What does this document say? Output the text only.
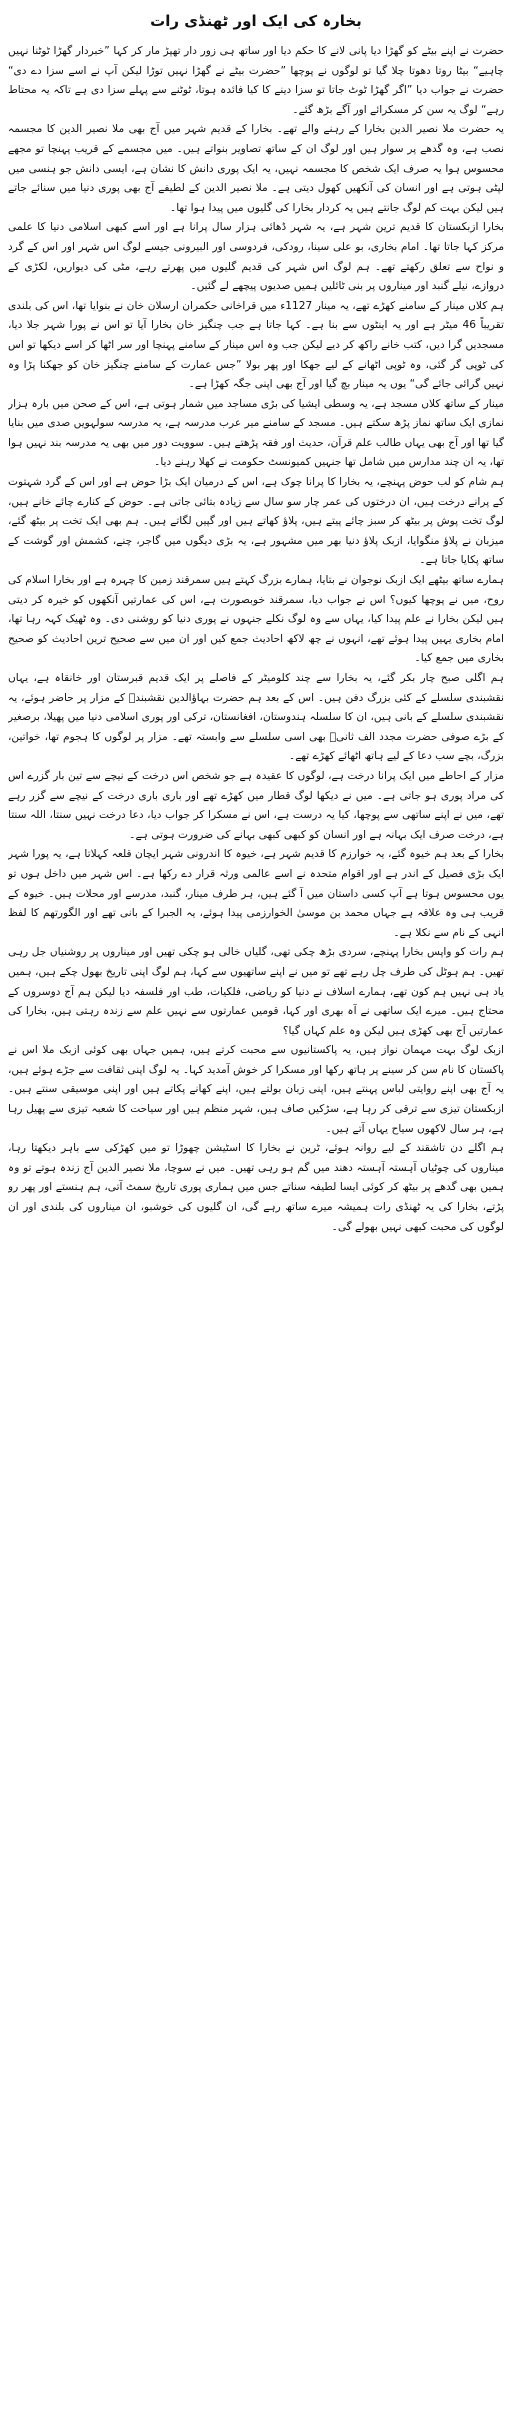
بخارہ کی ایک اور ٹھنڈی رات

حضرت نے اپنے بیٹے کو گھڑا دیا پانی لانے کا حکم دیا اور ساتھ ہی زور دار تھپڑ مار کر کہا ”خبردار گھڑا ٹوٹنا نہیں چاہیے“ بیٹا روتا دھوتا چلا گیا تو لوگوں نے پوچھا ”حضرت بیٹے نے گھڑا نہیں توڑا لیکن آپ نے اسے سزا دے دی“ حضرت نے جواب دیا ”اگر گھڑا ٹوٹ جاتا تو سزا دینے کا کیا فائدہ ہوتا، ٹوٹنے سے پہلے سزا دی ہے تاکہ یہ محتاط رہے“ لوگ یہ سن کر مسکرائے اور آگے بڑھ گئے۔

یہ حضرت ملا نصیر الدین بخارا کے رہنے والے تھے۔ بخارا کے قدیم شہر میں آج بھی ملا نصیر الدین کا مجسمہ نصب ہے، وہ گدھے پر سوار ہیں اور لوگ ان کے ساتھ تصاویر بنواتے ہیں۔ میں مجسمے کے قریب پہنچا تو مجھے محسوس ہوا یہ صرف ایک شخص کا مجسمہ نہیں، یہ ایک پوری دانش کا نشان ہے، ایسی دانش جو ہنسی میں لپٹی ہوتی ہے اور انسان کی آنکھیں کھول دیتی ہے۔ ملا نصیر الدین کے لطیفے آج بھی پوری دنیا میں سنائے جاتے ہیں لیکن بہت کم لوگ جانتے ہیں یہ کردار بخارا کی گلیوں میں پیدا ہوا تھا۔

بخارا ازبکستان کا قدیم ترین شہر ہے، یہ شہر ڈھائی ہزار سال پرانا ہے اور اسے کبھی اسلامی دنیا کا علمی مرکز کہا جاتا تھا۔ امام بخاری، بو علی سینا، رودکی، فردوسی اور البیرونی جیسے لوگ اس شہر اور اس کے گرد و نواح سے تعلق رکھتے تھے۔ ہم لوگ اس شہر کی قدیم گلیوں میں پھرتے رہے، مٹی کی دیواریں، لکڑی کے دروازے، نیلے گنبد اور میناروں پر بنی ٹائلیں ہمیں صدیوں پیچھے لے گئیں۔

ہم کلاں مینار کے سامنے کھڑے تھے، یہ مینار 1127ء میں قراخانی حکمران ارسلان خان نے بنوایا تھا، اس کی بلندی تقریباً 46 میٹر ہے اور یہ اینٹوں سے بنا ہے۔ کہا جاتا ہے جب چنگیز خان بخارا آیا تو اس نے پورا شہر جلا دیا، مسجدیں گرا دیں، کتب خانے راکھ کر دیے لیکن جب وہ اس مینار کے سامنے پہنچا اور سر اٹھا کر اسے دیکھا تو اس کی ٹوپی گر گئی، وہ ٹوپی اٹھانے کے لیے جھکا اور پھر بولا ”جس عمارت کے سامنے چنگیز خان کو جھکنا پڑا وہ نہیں گرائی جائے گی“ یوں یہ مینار بچ گیا اور آج بھی اپنی جگہ کھڑا ہے۔

مینار کے ساتھ کلاں مسجد ہے، یہ وسطی ایشیا کی بڑی مساجد میں شمار ہوتی ہے، اس کے صحن میں بارہ ہزار نمازی ایک ساتھ نماز پڑھ سکتے ہیں۔ مسجد کے سامنے میر عرب مدرسہ ہے، یہ مدرسہ سولہویں صدی میں بنایا گیا تھا اور آج بھی یہاں طالب علم قرآن، حدیث اور فقہ پڑھتے ہیں۔ سوویت دور میں بھی یہ مدرسہ بند نہیں ہوا تھا، یہ ان چند مدارس میں شامل تھا جنہیں کمیونسٹ حکومت نے کھلا رہنے دیا۔

ہم شام کو لب حوض پہنچے، یہ بخارا کا پرانا چوک ہے، اس کے درمیان ایک بڑا حوض ہے اور اس کے گرد شہتوت کے پرانے درخت ہیں، ان درختوں کی عمر چار سو سال سے زیادہ بتائی جاتی ہے۔ حوض کے کنارے چائے خانے ہیں، لوگ تخت پوش پر بیٹھ کر سبز چائے پیتے ہیں، پلاؤ کھاتے ہیں اور گپیں لگاتے ہیں۔ ہم بھی ایک تخت پر بیٹھ گئے، میزبان نے پلاؤ منگوایا، ازبک پلاؤ دنیا بھر میں مشہور ہے، یہ بڑی دیگوں میں گاجر، چنے، کشمش اور گوشت کے ساتھ پکایا جاتا ہے۔

ہمارے ساتھ بیٹھے ایک ازبک نوجوان نے بتایا، ہمارے بزرگ کہتے ہیں سمرقند زمین کا چہرہ ہے اور بخارا اسلام کی روح، میں نے پوچھا کیوں؟ اس نے جواب دیا، سمرقند خوبصورت ہے، اس کی عمارتیں آنکھوں کو خیرہ کر دیتی ہیں لیکن بخارا نے علم پیدا کیا، یہاں سے وہ لوگ نکلے جنہوں نے پوری دنیا کو روشنی دی۔ وہ ٹھیک کہہ رہا تھا، امام بخاری یہیں پیدا ہوئے تھے، انہوں نے چھ لاکھ احادیث جمع کیں اور ان میں سے صحیح ترین احادیث کو صحیح بخاری میں جمع کیا۔

ہم اگلی صبح چار بکر گئے، یہ بخارا سے چند کلومیٹر کے فاصلے پر ایک قدیم قبرستان اور خانقاہ ہے، یہاں نقشبندی سلسلے کے کئی بزرگ دفن ہیں۔ اس کے بعد ہم حضرت بہاؤالدین نقشبندؒ کے مزار پر حاضر ہوئے، یہ نقشبندی سلسلے کے بانی ہیں، ان کا سلسلہ ہندوستان، افغانستان، ترکی اور پوری اسلامی دنیا میں پھیلا، برصغیر کے بڑے صوفی حضرت مجدد الف ثانیؒ بھی اسی سلسلے سے وابستہ تھے۔ مزار پر لوگوں کا ہجوم تھا، خواتین، بزرگ، بچے سب دعا کے لیے ہاتھ اٹھائے کھڑے تھے۔

مزار کے احاطے میں ایک پرانا درخت ہے، لوگوں کا عقیدہ ہے جو شخص اس درخت کے نیچے سے تین بار گزرے اس کی مراد پوری ہو جاتی ہے۔ میں نے دیکھا لوگ قطار میں کھڑے تھے اور باری باری درخت کے نیچے سے گزر رہے تھے، میں نے اپنے ساتھی سے پوچھا، کیا یہ درست ہے، اس نے مسکرا کر جواب دیا، دعا درخت نہیں سنتا، اللہ سنتا ہے، درخت صرف ایک بہانہ ہے اور انسان کو کبھی کبھی بہانے کی ضرورت ہوتی ہے۔

بخارا کے بعد ہم خیوہ گئے، یہ خوارزم کا قدیم شہر ہے، خیوہ کا اندرونی شہر ایچان قلعہ کہلاتا ہے، یہ پورا شہر ایک بڑی فصیل کے اندر ہے اور اقوام متحدہ نے اسے عالمی ورثہ قرار دے رکھا ہے۔ اس شہر میں داخل ہوں تو یوں محسوس ہوتا ہے آپ کسی داستان میں آ گئے ہیں، ہر طرف مینار، گنبد، مدرسے اور محلات ہیں۔ خیوہ کے قریب ہی وہ علاقہ ہے جہاں محمد بن موسیٰ الخوارزمی پیدا ہوئے، یہ الجبرا کے بانی تھے اور الگورتھم کا لفظ انہی کے نام سے نکلا ہے۔

ہم رات کو واپس بخارا پہنچے، سردی بڑھ چکی تھی، گلیاں خالی ہو چکی تھیں اور میناروں پر روشنیاں جل رہی تھیں۔ ہم ہوٹل کی طرف چل رہے تھے تو میں نے اپنے ساتھیوں سے کہا، ہم لوگ اپنی تاریخ بھول چکے ہیں، ہمیں یاد ہی نہیں ہم کون تھے، ہمارے اسلاف نے دنیا کو ریاضی، فلکیات، طب اور فلسفہ دیا لیکن ہم آج دوسروں کے محتاج ہیں۔ میرے ایک ساتھی نے آہ بھری اور کہا، قومیں عمارتوں سے نہیں علم سے زندہ رہتی ہیں، بخارا کی عمارتیں آج بھی کھڑی ہیں لیکن وہ علم کہاں گیا؟

ازبک لوگ بہت مہمان نواز ہیں، یہ پاکستانیوں سے محبت کرتے ہیں، ہمیں جہاں بھی کوئی ازبک ملا اس نے پاکستان کا نام سن کر سینے پر ہاتھ رکھا اور مسکرا کر خوش آمدید کہا۔ یہ لوگ اپنی ثقافت سے جڑے ہوئے ہیں، یہ آج بھی اپنے روایتی لباس پہنتے ہیں، اپنی زبان بولتے ہیں، اپنے کھانے پکاتے ہیں اور اپنی موسیقی سنتے ہیں۔ ازبکستان تیزی سے ترقی کر رہا ہے، سڑکیں صاف ہیں، شہر منظم ہیں اور سیاحت کا شعبہ تیزی سے پھیل رہا ہے، ہر سال لاکھوں سیاح یہاں آتے ہیں۔

ہم اگلے دن تاشقند کے لیے روانہ ہوئے، ٹرین نے بخارا کا اسٹیشن چھوڑا تو میں کھڑکی سے باہر دیکھتا رہا، میناروں کی چوٹیاں آہستہ آہستہ دھند میں گم ہو رہی تھیں۔ میں نے سوچا، ملا نصیر الدین آج زندہ ہوتے تو وہ ہمیں بھی گدھے پر بیٹھ کر کوئی ایسا لطیفہ سناتے جس میں ہماری پوری تاریخ سمٹ آتی، ہم ہنستے اور پھر رو پڑتے، بخارا کی یہ ٹھنڈی رات ہمیشہ میرے ساتھ رہے گی، ان گلیوں کی خوشبو، ان میناروں کی بلندی اور ان لوگوں کی محبت کبھی نہیں بھولے گی۔
